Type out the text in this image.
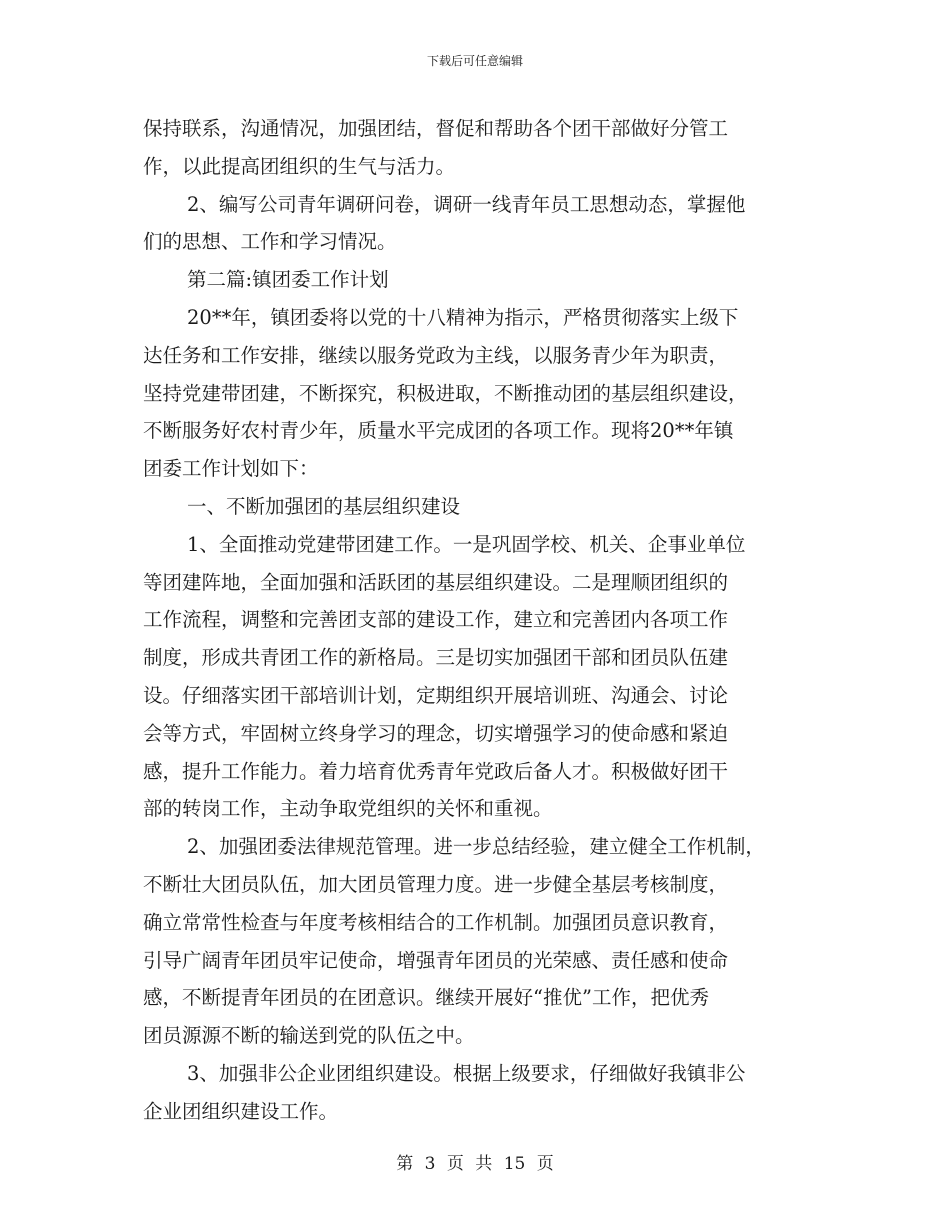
下载后可任意编辑
保持联系，沟通情况，加强团结，督促和帮助各个团干部做好分管工
作，以此提高团组织的生气与活力。
2、编写公司青年调研问卷，调研一线青年员工思想动态，掌握他
们的思想、工作和学习情况。
第二篇:镇团委工作计划
20**年，镇团委将以党的十八精神为指示，严格贯彻落实上级下
达任务和工作安排，继续以服务党政为主线，以服务青少年为职责，
坚持党建带团建，不断探究，积极进取，不断推动团的基层组织建设，
不断服务好农村青少年，质量水平完成团的各项工作。现将20**年镇
团委工作计划如下：
一、不断加强团的基层组织建设
1、全面推动党建带团建工作。一是巩固学校、机关、企事业单位
等团建阵地，全面加强和活跃团的基层组织建设。二是理顺团组织的
工作流程，调整和完善团支部的建设工作，建立和完善团内各项工作
制度，形成共青团工作的新格局。三是切实加强团干部和团员队伍建
设。仔细落实团干部培训计划，定期组织开展培训班、沟通会、讨论
会等方式，牢固树立终身学习的理念，切实增强学习的使命感和紧迫
感，提升工作能力。着力培育优秀青年党政后备人才。积极做好团干
部的转岗工作，主动争取党组织的关怀和重视。
2、加强团委法律规范管理。进一步总结经验，建立健全工作机制，
不断壮大团员队伍，加大团员管理力度。进一步健全基层考核制度，
确立常常性检查与年度考核相结合的工作机制。加强团员意识教育，
引导广阔青年团员牢记使命，增强青年团员的光荣感、责任感和使命
感，不断提青年团员的在团意识。继续开展好“推优”工作，把优秀
团员源源不断的输送到党的队伍之中。
3、加强非公企业团组织建设。根据上级要求，仔细做好我镇非公
企业团组织建设工作。
第 3 页 共 15 页
